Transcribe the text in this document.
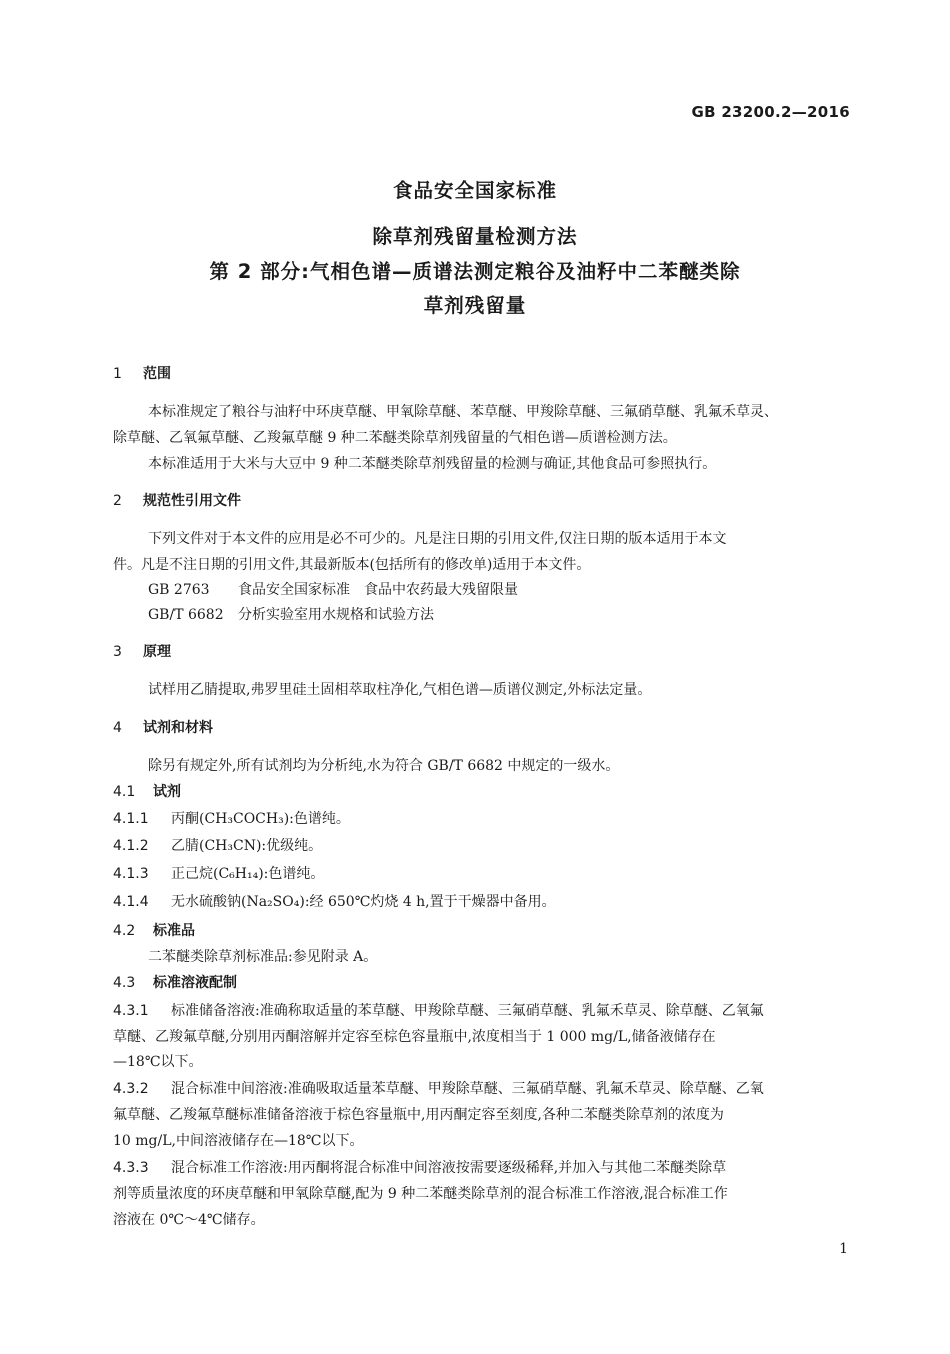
GB 23200.2—2016
食品安全国家标准
除草剂残留量检测方法
第 2 部分:气相色谱—质谱法测定粮谷及油籽中二苯醚类除
草剂残留量
1 范围
本标准规定了粮谷与油籽中环庚草醚、甲氧除草醚、苯草醚、甲羧除草醚、三氟硝草醚、乳氟禾草灵、
除草醚、乙氧氟草醚、乙羧氟草醚 9 种二苯醚类除草剂残留量的气相色谱—质谱检测方法。
本标准适用于大米与大豆中 9 种二苯醚类除草剂残留量的检测与确证,其他食品可参照执行。
2 规范性引用文件
下列文件对于本文件的应用是必不可少的。凡是注日期的引用文件,仅注日期的版本适用于本文
件。凡是不注日期的引用文件,其最新版本(包括所有的修改单)适用于本文件。
GB 2763 食品安全国家标准　食品中农药最大残留限量
GB/T 6682 分析实验室用水规格和试验方法
3 原理
试样用乙腈提取,弗罗里硅土固相萃取柱净化,气相色谱—质谱仪测定,外标法定量。
4 试剂和材料
除另有规定外,所有试剂均为分析纯,水为符合 GB/T 6682 中规定的一级水。
4.1 试剂
4.1.1 丙酮(CH₃COCH₃):色谱纯。
4.1.2 乙腈(CH₃CN):优级纯。
4.1.3 正己烷(C₆H₁₄):色谱纯。
4.1.4 无水硫酸钠(Na₂SO₄):经 650℃灼烧 4 h,置于干燥器中备用。
4.2 标准品
二苯醚类除草剂标准品:参见附录 A。
4.3 标准溶液配制
4.3.1 标准储备溶液:准确称取适量的苯草醚、甲羧除草醚、三氟硝草醚、乳氟禾草灵、除草醚、乙氧氟
草醚、乙羧氟草醚,分别用丙酮溶解并定容至棕色容量瓶中,浓度相当于 1 000 mg/L,储备液储存在
—18℃以下。
4.3.2 混合标准中间溶液:准确吸取适量苯草醚、甲羧除草醚、三氟硝草醚、乳氟禾草灵、除草醚、乙氧
氟草醚、乙羧氟草醚标准储备溶液于棕色容量瓶中,用丙酮定容至刻度,各种二苯醚类除草剂的浓度为
10 mg/L,中间溶液储存在—18℃以下。
4.3.3 混合标准工作溶液:用丙酮将混合标准中间溶液按需要逐级稀释,并加入与其他二苯醚类除草
剂等质量浓度的环庚草醚和甲氧除草醚,配为 9 种二苯醚类除草剂的混合标准工作溶液,混合标准工作
溶液在 0℃～4℃储存。
1
